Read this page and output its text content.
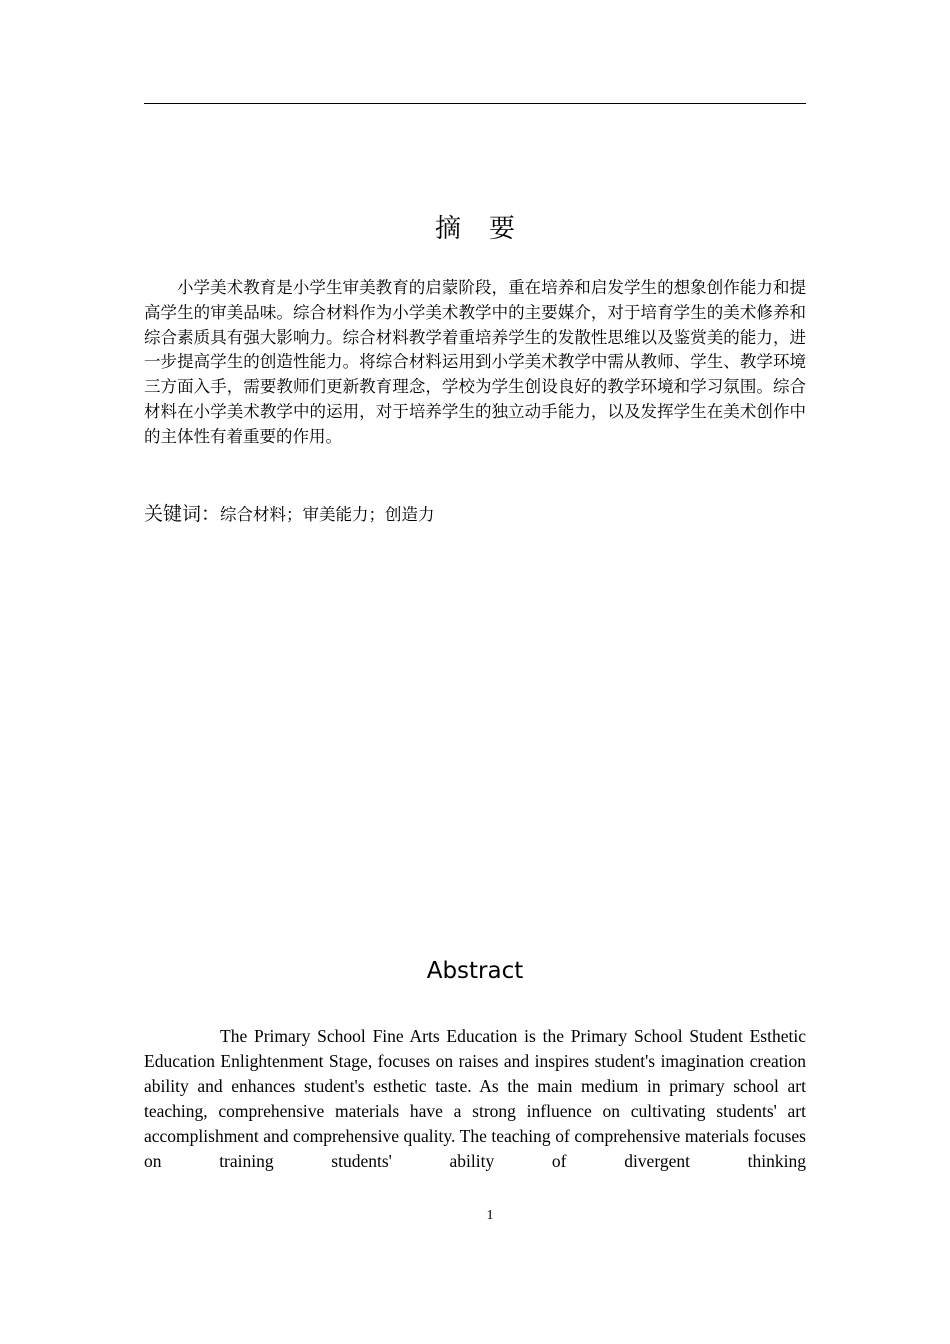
摘 要

小学美术教育是小学生审美教育的启蒙阶段，重在培养和启发学生的想象创作能力和提高学生的审美品味。综合材料作为小学美术教学中的主要媒介，对于培育学生的美术修养和综合素质具有强大影响力。综合材料教学着重培养学生的发散性思维以及鉴赏美的能力，进一步提高学生的创造性能力。将综合材料运用到小学美术教学中需从教师、学生、教学环境三方面入手，需要教师们更新教育理念，学校为学生创设良好的教学环境和学习氛围。综合材料在小学美术教学中的运用，对于培养学生的独立动手能力，以及发挥学生在美术创作中的主体性有着重要的作用。

关键词：综合材料；审美能力；创造力
Abstract

The Primary School Fine Arts Education is the Primary School Student Esthetic Education Enlightenment Stage, focuses on raises and inspires student's imagination creation ability and enhances student's esthetic taste. As the main medium in primary school art teaching, comprehensive materials have a strong influence on cultivating students' art accomplishment and comprehensive quality. The teaching of comprehensive materials focuses on training students' ability of divergent thinking

1
